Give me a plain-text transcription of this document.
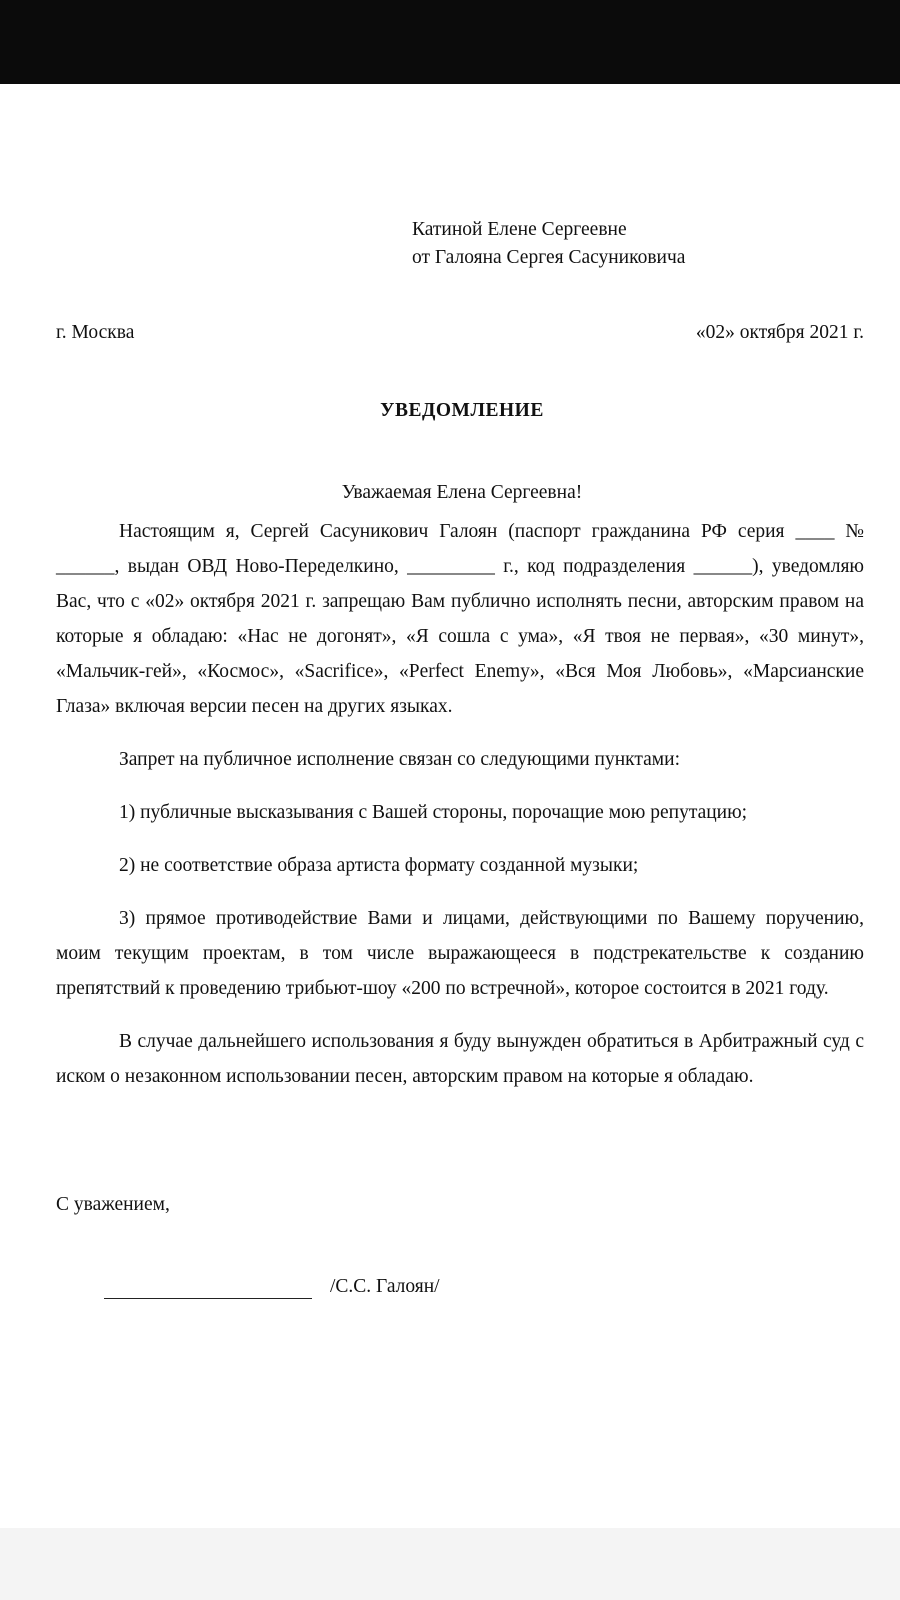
Катиной Елене Сергеевне
от Галояна Сергея Сасуниковича
г. Москва	«02» октября 2021 г.
УВЕДОМЛЕНИЕ
Уважаемая Елена Сергеевна!

Настоящим я, Сергей Сасуникович Галоян (паспорт гражданина РФ серия ____ № ______, выдан ОВД Ново-Переделкино, _________ г., код подразделения ______), уведомляю Вас, что с «02» октября 2021 г. запрещаю Вам публично исполнять песни, авторским правом на которые я обладаю: «Нас не догонят», «Я сошла с ума», «Я твоя не первая», «30 минут», «Мальчик-гей», «Космос», «Sacrifice», «Perfect Enemy», «Вся Моя Любовь», «Марсианские Глаза» включая версии песен на других языках.

Запрет на публичное исполнение связан со следующими пунктами:

1) публичные высказывания с Вашей стороны, порочащие мою репутацию;

2) не соответствие образа артиста формату созданной музыки;

3) прямое противодействие Вами и лицами, действующими по Вашему поручению, моим текущим проектам, в том числе выражающееся в подстрекательстве к созданию препятствий к проведению трибьют-шоу «200 по встречной», которое состоится в 2021 году.

В случае дальнейшего использования я буду вынужден обратиться в Арбитражный суд с иском о незаконном использовании песен, авторским правом на которые я обладаю.

С уважением,
/С.С. Галоян/
